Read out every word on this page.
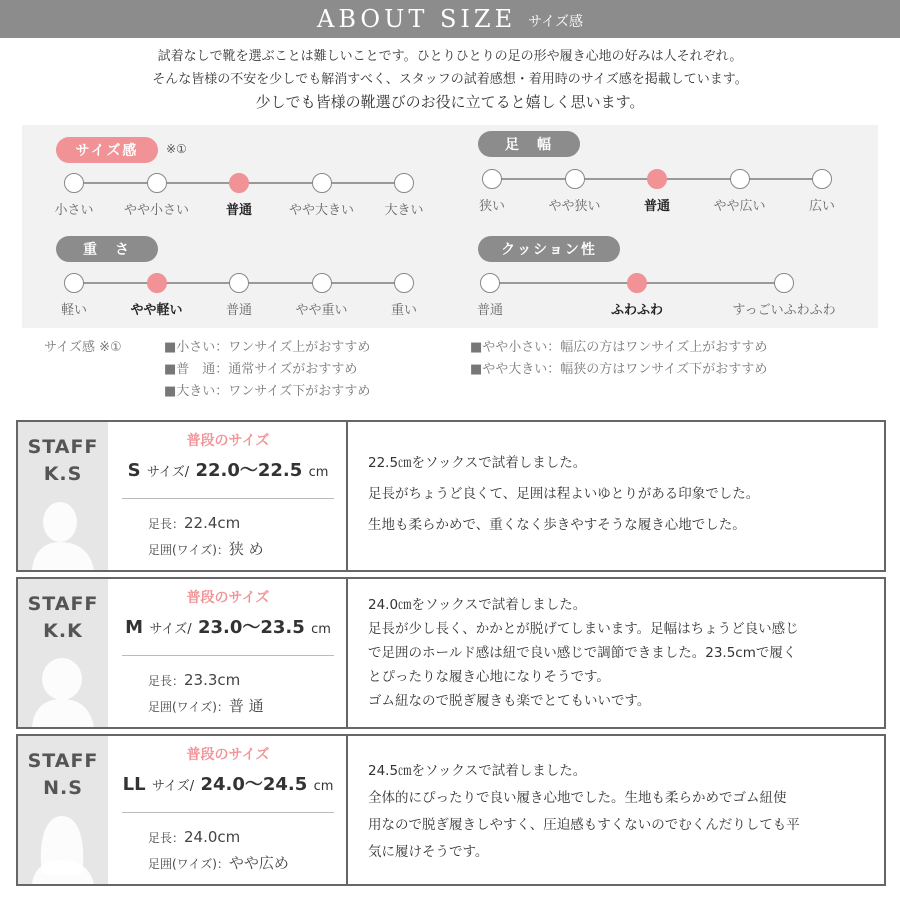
ABOUT SIZE サイズ感
試着なしで靴を選ぶことは難しいことです。ひとりひとりの足の形や履き心地の好みは人それぞれ。
そんな皆様の不安を少しでも解消すべく、スタッフの試着感想・着用時のサイズ感を掲載しています。
少しでも皆様の靴選びのお役に立てると嬉しく思います。
サイズ感	※①
小さい やや小さい	普通	やや大きい 大きい
足　幅
狭い	やや狭い	普通	やや広い	広い
重　さ
軽い	やや軽い	普通	やや重い	重い
クッション性
普通	ふわふわ	すっごいふわふわ
サイズ感 ※①	■小さい：ワンサイズ上がおすすめ
■普　通：通常サイズがおすすめ
■大きい：ワンサイズ下がおすすめ
■やや小さい：幅広の方はワンサイズ上がおすすめ
■やや大きい：幅狭の方はワンサイズ下がおすすめ
STAFF
K.S
普段のサイズ
S サイズ/ 22.0〜22.5 cm
足長：22.4cm
足囲(ワイズ)：狭 め
22.5㎝をソックスで試着しました。
足長がちょうど良くて、足囲は程よいゆとりがある印象でした。
生地も柔らかめで、重くなく歩きやすそうな履き心地でした。
STAFF
K.K
普段のサイズ
M サイズ/ 23.0〜23.5 cm
足長：23.3cm
足囲(ワイズ)：普 通
24.0㎝をソックスで試着しました。
足長が少し長く、かかとが脱げてしまいます。足幅はちょうど良い感じ
で足囲のホールド感は紐で良い感じで調節できました。23.5cmで履く
とぴったりな履き心地になりそうです。
ゴム紐なので脱ぎ履きも楽でとてもいいです。
STAFF
N.S
普段のサイズ
LL サイズ/ 24.0〜24.5 cm
足長：24.0cm
足囲(ワイズ)：やや広め
24.5㎝をソックスで試着しました。
全体的にぴったりで良い履き心地でした。生地も柔らかめでゴム紐使
用なので脱ぎ履きしやすく、圧迫感もすくないのでむくんだりしても平
気に履けそうです。
